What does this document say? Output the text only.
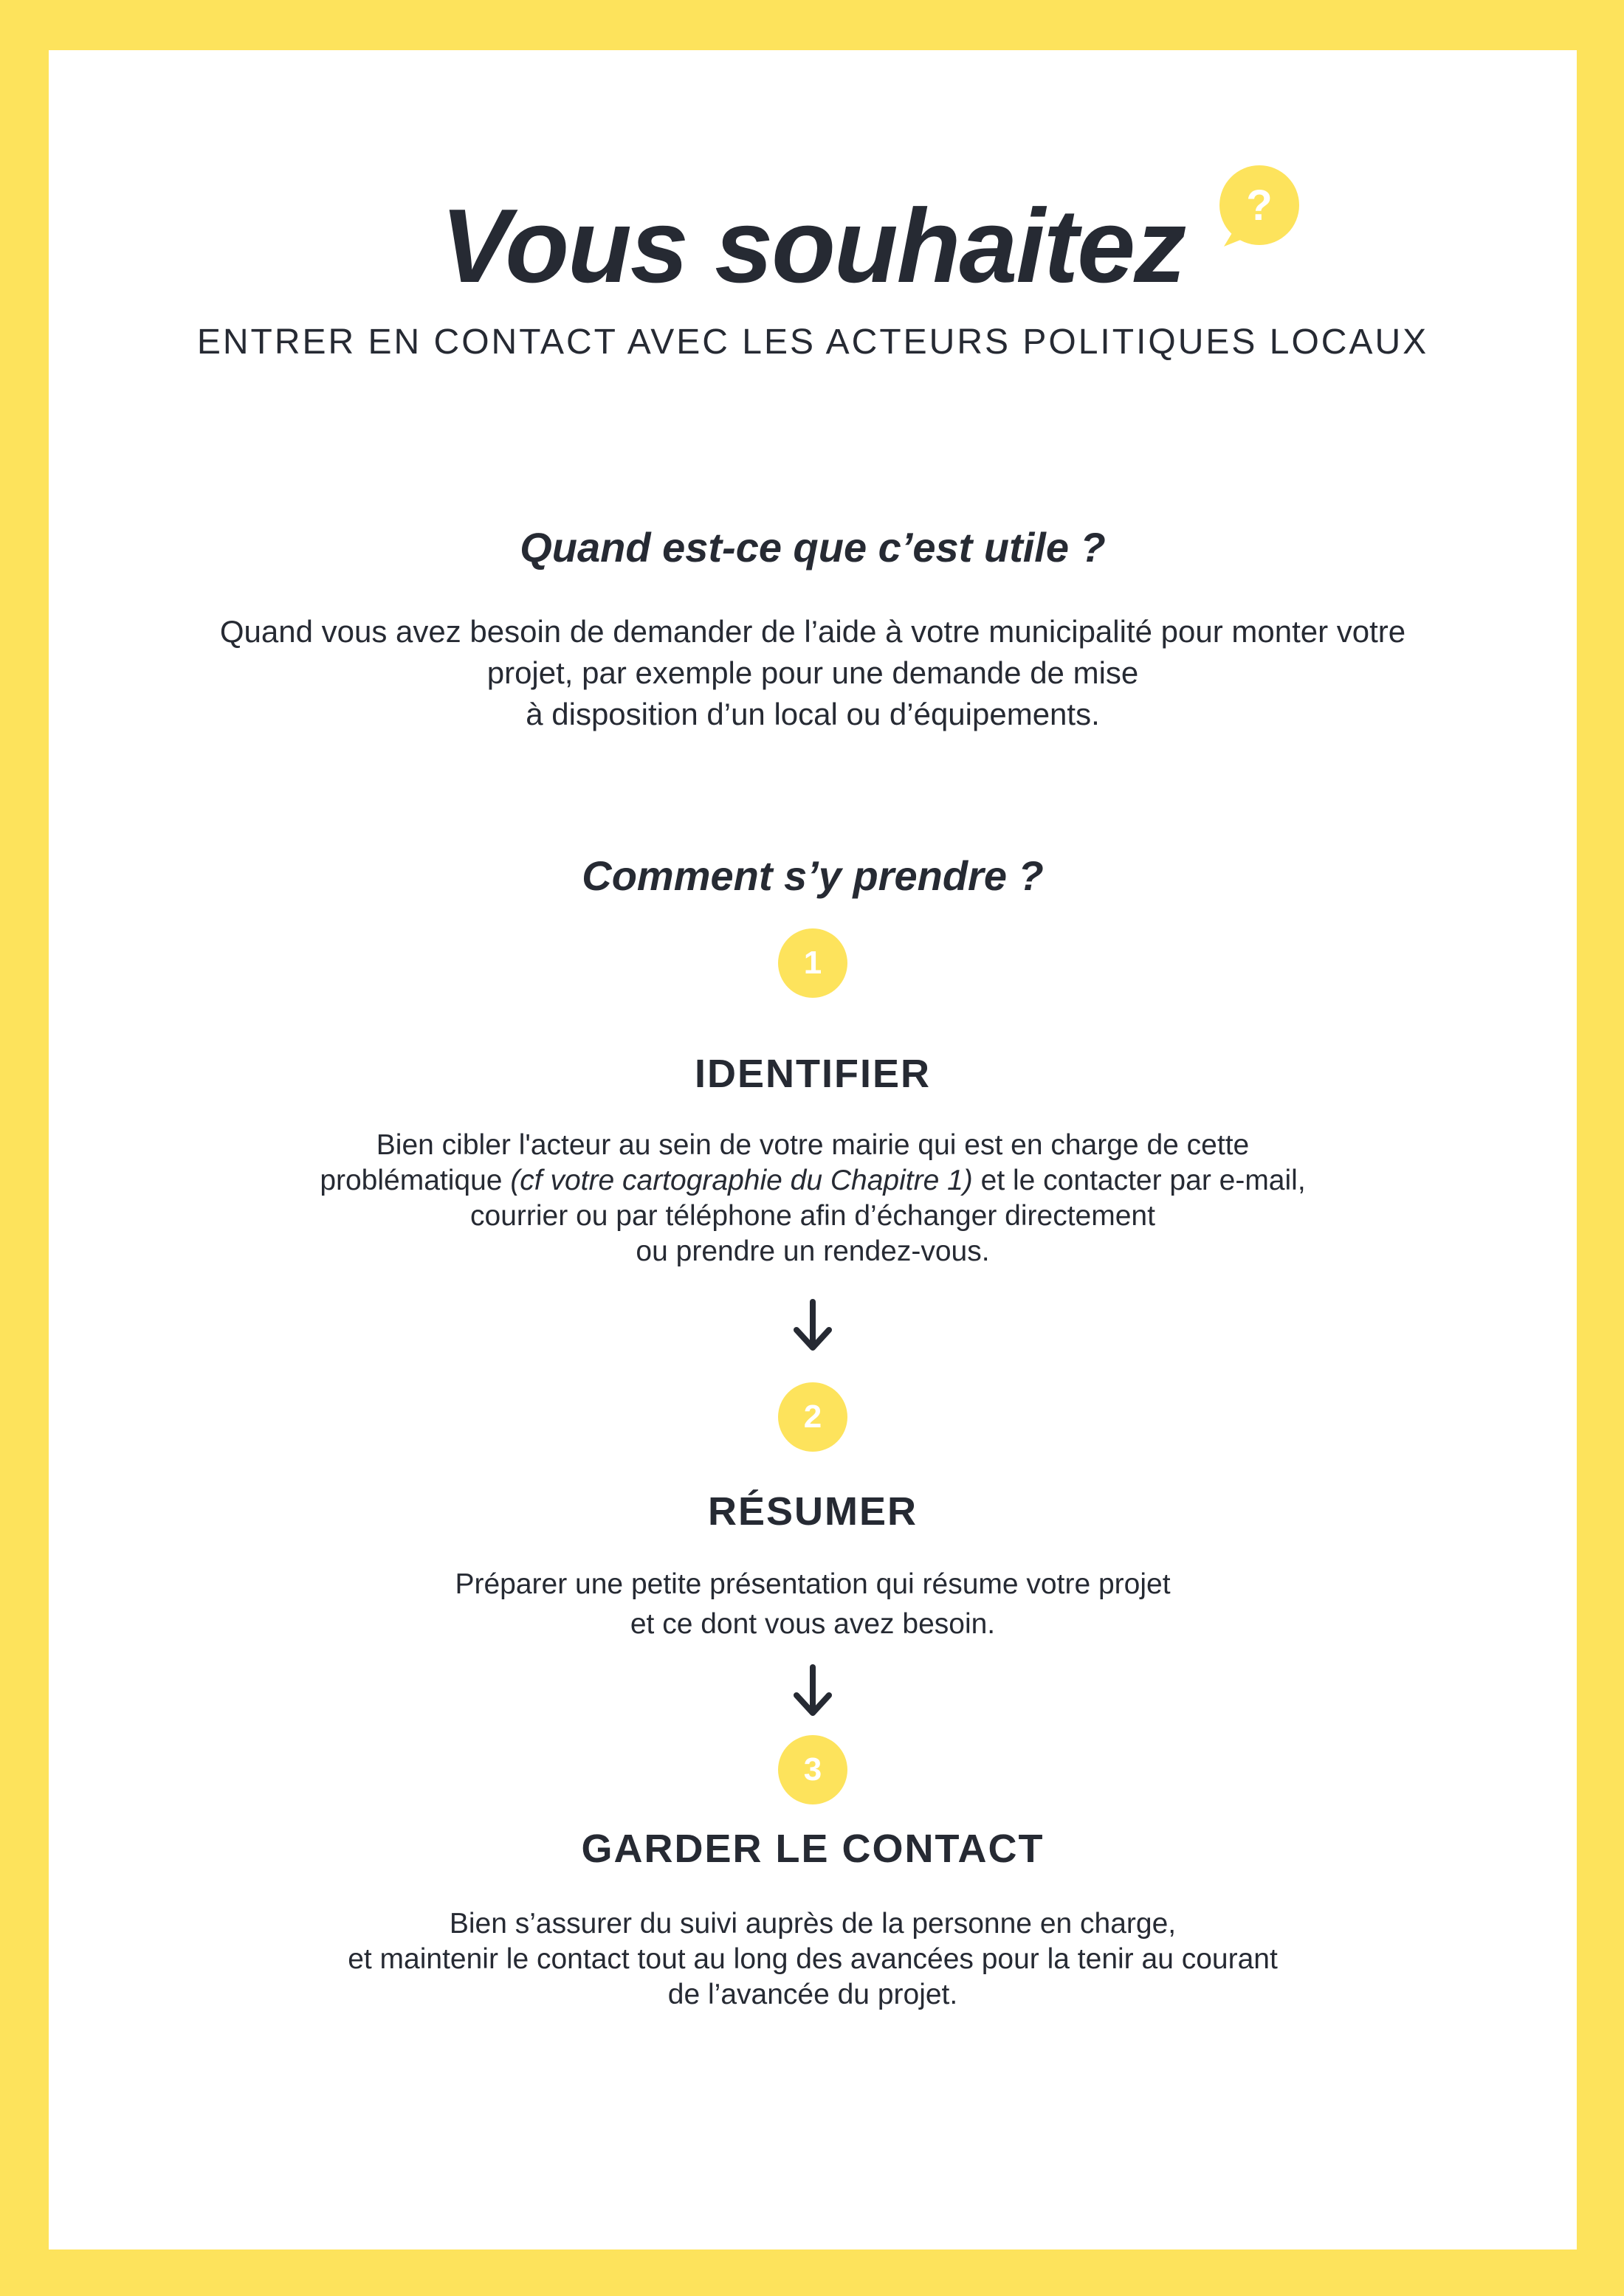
Vous souhaitez	?
ENTRER EN CONTACT AVEC LES ACTEURS POLITIQUES LOCAUX
Quand est-ce que c’est utile ?
Quand vous avez besoin de demander de l’aide à votre municipalité pour monter votre
projet, par exemple pour une demande de mise
à disposition d’un local ou d’équipements.
Comment s’y prendre ?
1
IDENTIFIER
Bien cibler l'acteur au sein de votre mairie qui est en charge de cette
problématique (cf votre cartographie du Chapitre 1) et le contacter par e-mail,
courrier ou par téléphone afin d’échanger directement
ou prendre un rendez-vous.
2
RÉSUMER
Préparer une petite présentation qui résume votre projet
et ce dont vous avez besoin.
3
GARDER LE CONTACT
Bien s’assurer du suivi auprès de la personne en charge,
et maintenir le contact tout au long des avancées pour la tenir au courant
de l’avancée du projet.
